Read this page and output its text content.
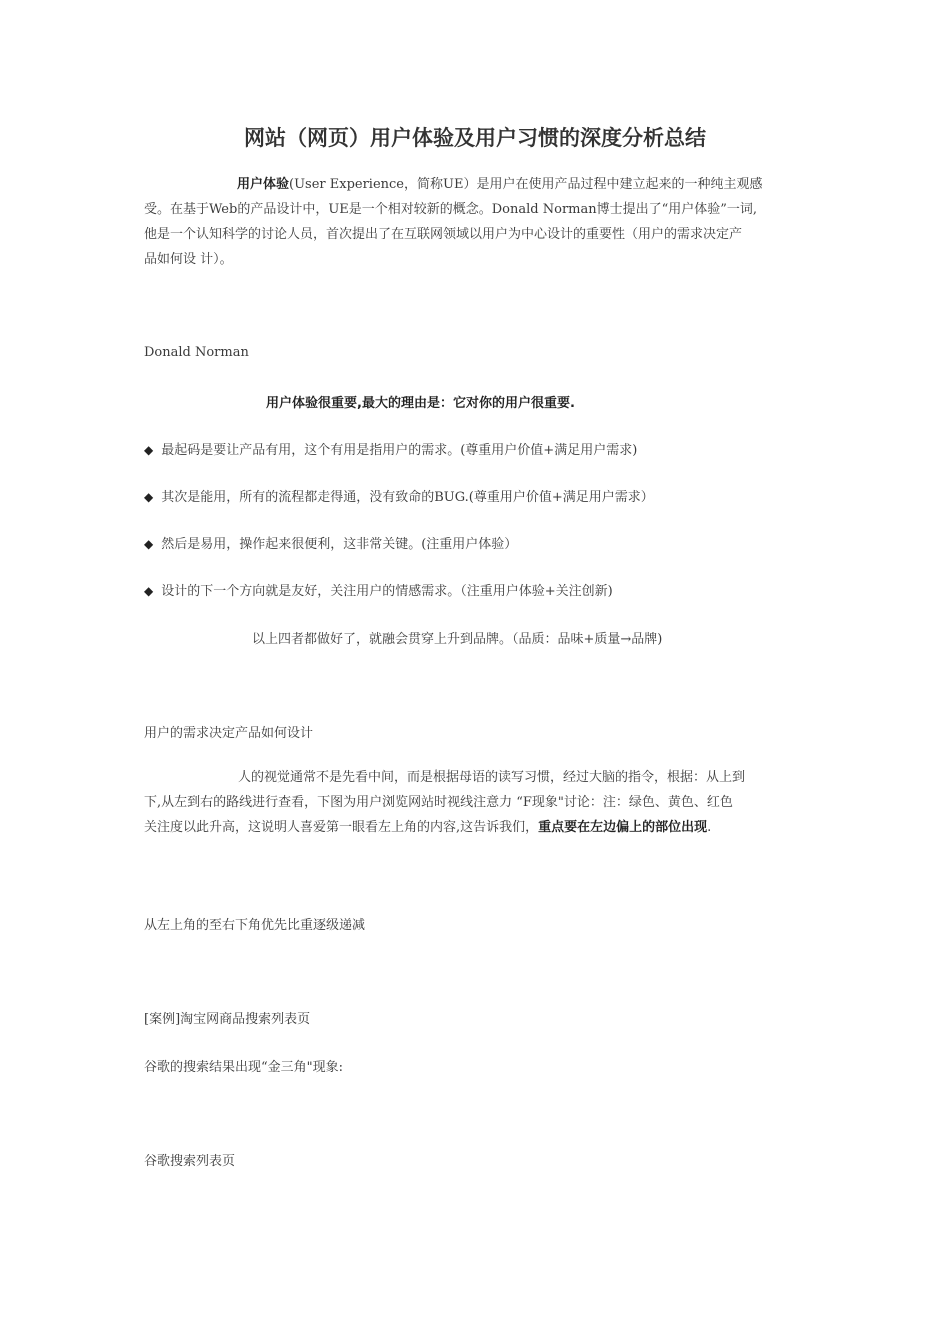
网站（网页）用户体验及用户习惯的深度分析总结
用户体验(User Experience，简称UE）是用户在使用产品过程中建立起来的一种纯主观感
受。在基于Web的产品设计中，UE是一个相对较新的概念。Donald Norman博士提出了“用户体验”一词,
他是一个认知科学的讨论人员，首次提出了在互联网领域以用户为中心设计的重要性（用户的需求决定产
品如何设 计）。
Donald Norman
用户体验很重要,最大的理由是：它对你的用户很重要.
◆ 最起码是要让产品有用，这个有用是指用户的需求。(尊重用户价值+满足用户需求)
◆ 其次是能用，所有的流程都走得通，没有致命的BUG.(尊重用户价值+满足用户需求）
◆ 然后是易用，操作起来很便利，这非常关键。(注重用户体验）
◆ 设计的下一个方向就是友好，关注用户的情感需求。（注重用户体验+关注创新)
以上四者都做好了，就融会贯穿上升到品牌。（品质：品味+质量→品牌)
用户的需求决定产品如何设计
人的视觉通常不是先看中间，而是根据母语的读写习惯，经过大脑的指令，根据：从上到
下,从左到右的路线进行查看，下图为用户浏览网站时视线注意力 “F现象"讨论：注：绿色、黄色、红色
关注度以此升高，这说明人喜爱第一眼看左上角的内容,这告诉我们，重点要在左边偏上的部位出现.
从左上角的至右下角优先比重逐级递减
[案例]淘宝网商品搜索列表页
谷歌的搜索结果出现“金三角"现象:
谷歌搜索列表页
